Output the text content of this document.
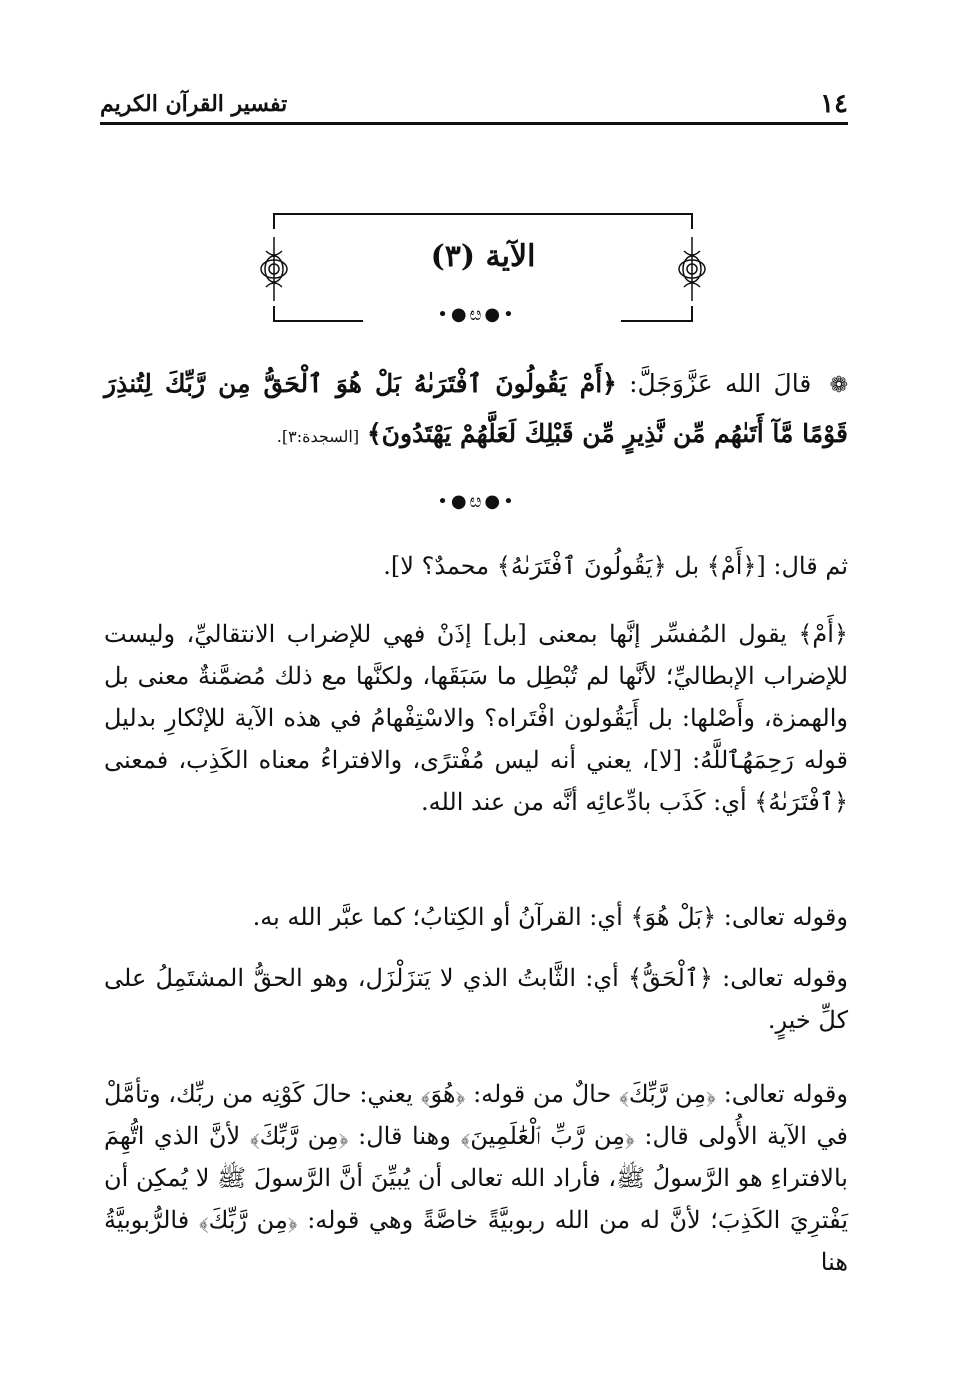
١٤
تفسير القرآن الكريم
الآية (٣)
•●ೞ●•
❁ قالَ الله عَزَّوَجَلَّ: ﴿أَمْ يَقُولُونَ ٱفْتَرَىٰهُ بَلْ هُوَ ٱلْحَقُّ مِن رَّبِّكَ لِتُنذِرَ قَوْمًا مَّآ أَتَىٰهُم مِّن نَّذِيرٍ مِّن قَبْلِكَ لَعَلَّهُمْ يَهْتَدُونَ﴾ [السجدة:٣].
•●ೞ●•

ثم قال: [﴿أَمْ﴾ بل ﴿يَقُولُونَ ٱفْتَرَىٰهُ﴾ محمدٌ؟ لا].

﴿أَمْ﴾ يقول المُفسِّر إنَّها بمعنى [بل] إذَنْ فهي للإضراب الانتقاليِّ، وليست للإضراب الإبطاليِّ؛ لأنَّها لم تُبْطِل ما سَبَقَها، ولكنَّها مع ذلك مُضمَّنةٌ معنى بل والهمزة، وأَصْلها: بل أَيَقُولون افْتَراه؟ والاسْتِفْهامُ في هذه الآية للإنْكارِ بدليل قوله رَحِمَهُٱللَّهُ: [لا]، يعني أنه ليس مُفْترًى، والافتراءُ معناه الكَذِب، فمعنى ﴿ٱفْتَرَىٰهُ﴾ أي: كَذَب بادِّعائِه أنَّه من عند الله.

وقوله تعالى: ﴿بَلْ هُوَ﴾ أي: القرآنُ أو الكِتابُ؛ كما عبَّر الله به.

وقوله تعالى: ﴿ٱلْحَقُّ﴾ أي: الثَّابتُ الذي لا يَتزَلْزَل، وهو الحقُّ المشتَمِلُ على كلِّ خيرٍ.

وقوله تعالى: ﴿مِن رَّبِّكَ﴾ حالٌ من قوله: ﴿هُوَ﴾ يعني: حالَ كَوْنِه من ربِّك، وتأمَّلْ في الآية الأُولى قال: ﴿مِن رَّبِّ ٱلْعَٰلَمِينَ﴾ وهنا قال: ﴿مِن رَّبِّكَ﴾ لأنَّ الذي اتُّهِمَ بالافتراءِ هو الرَّسولُ ﷺ، فأراد الله تعالى أن يُبيِّنَ أنَّ الرَّسولَ ﷺ لا يُمكِن أن يَفْترِيَ الكَذِبَ؛ لأنَّ له من الله ربوبيَّةً خاصَّةً وهي قوله: ﴿مِن رَّبِّكَ﴾ فالرُّبوبيَّةُ هنا
